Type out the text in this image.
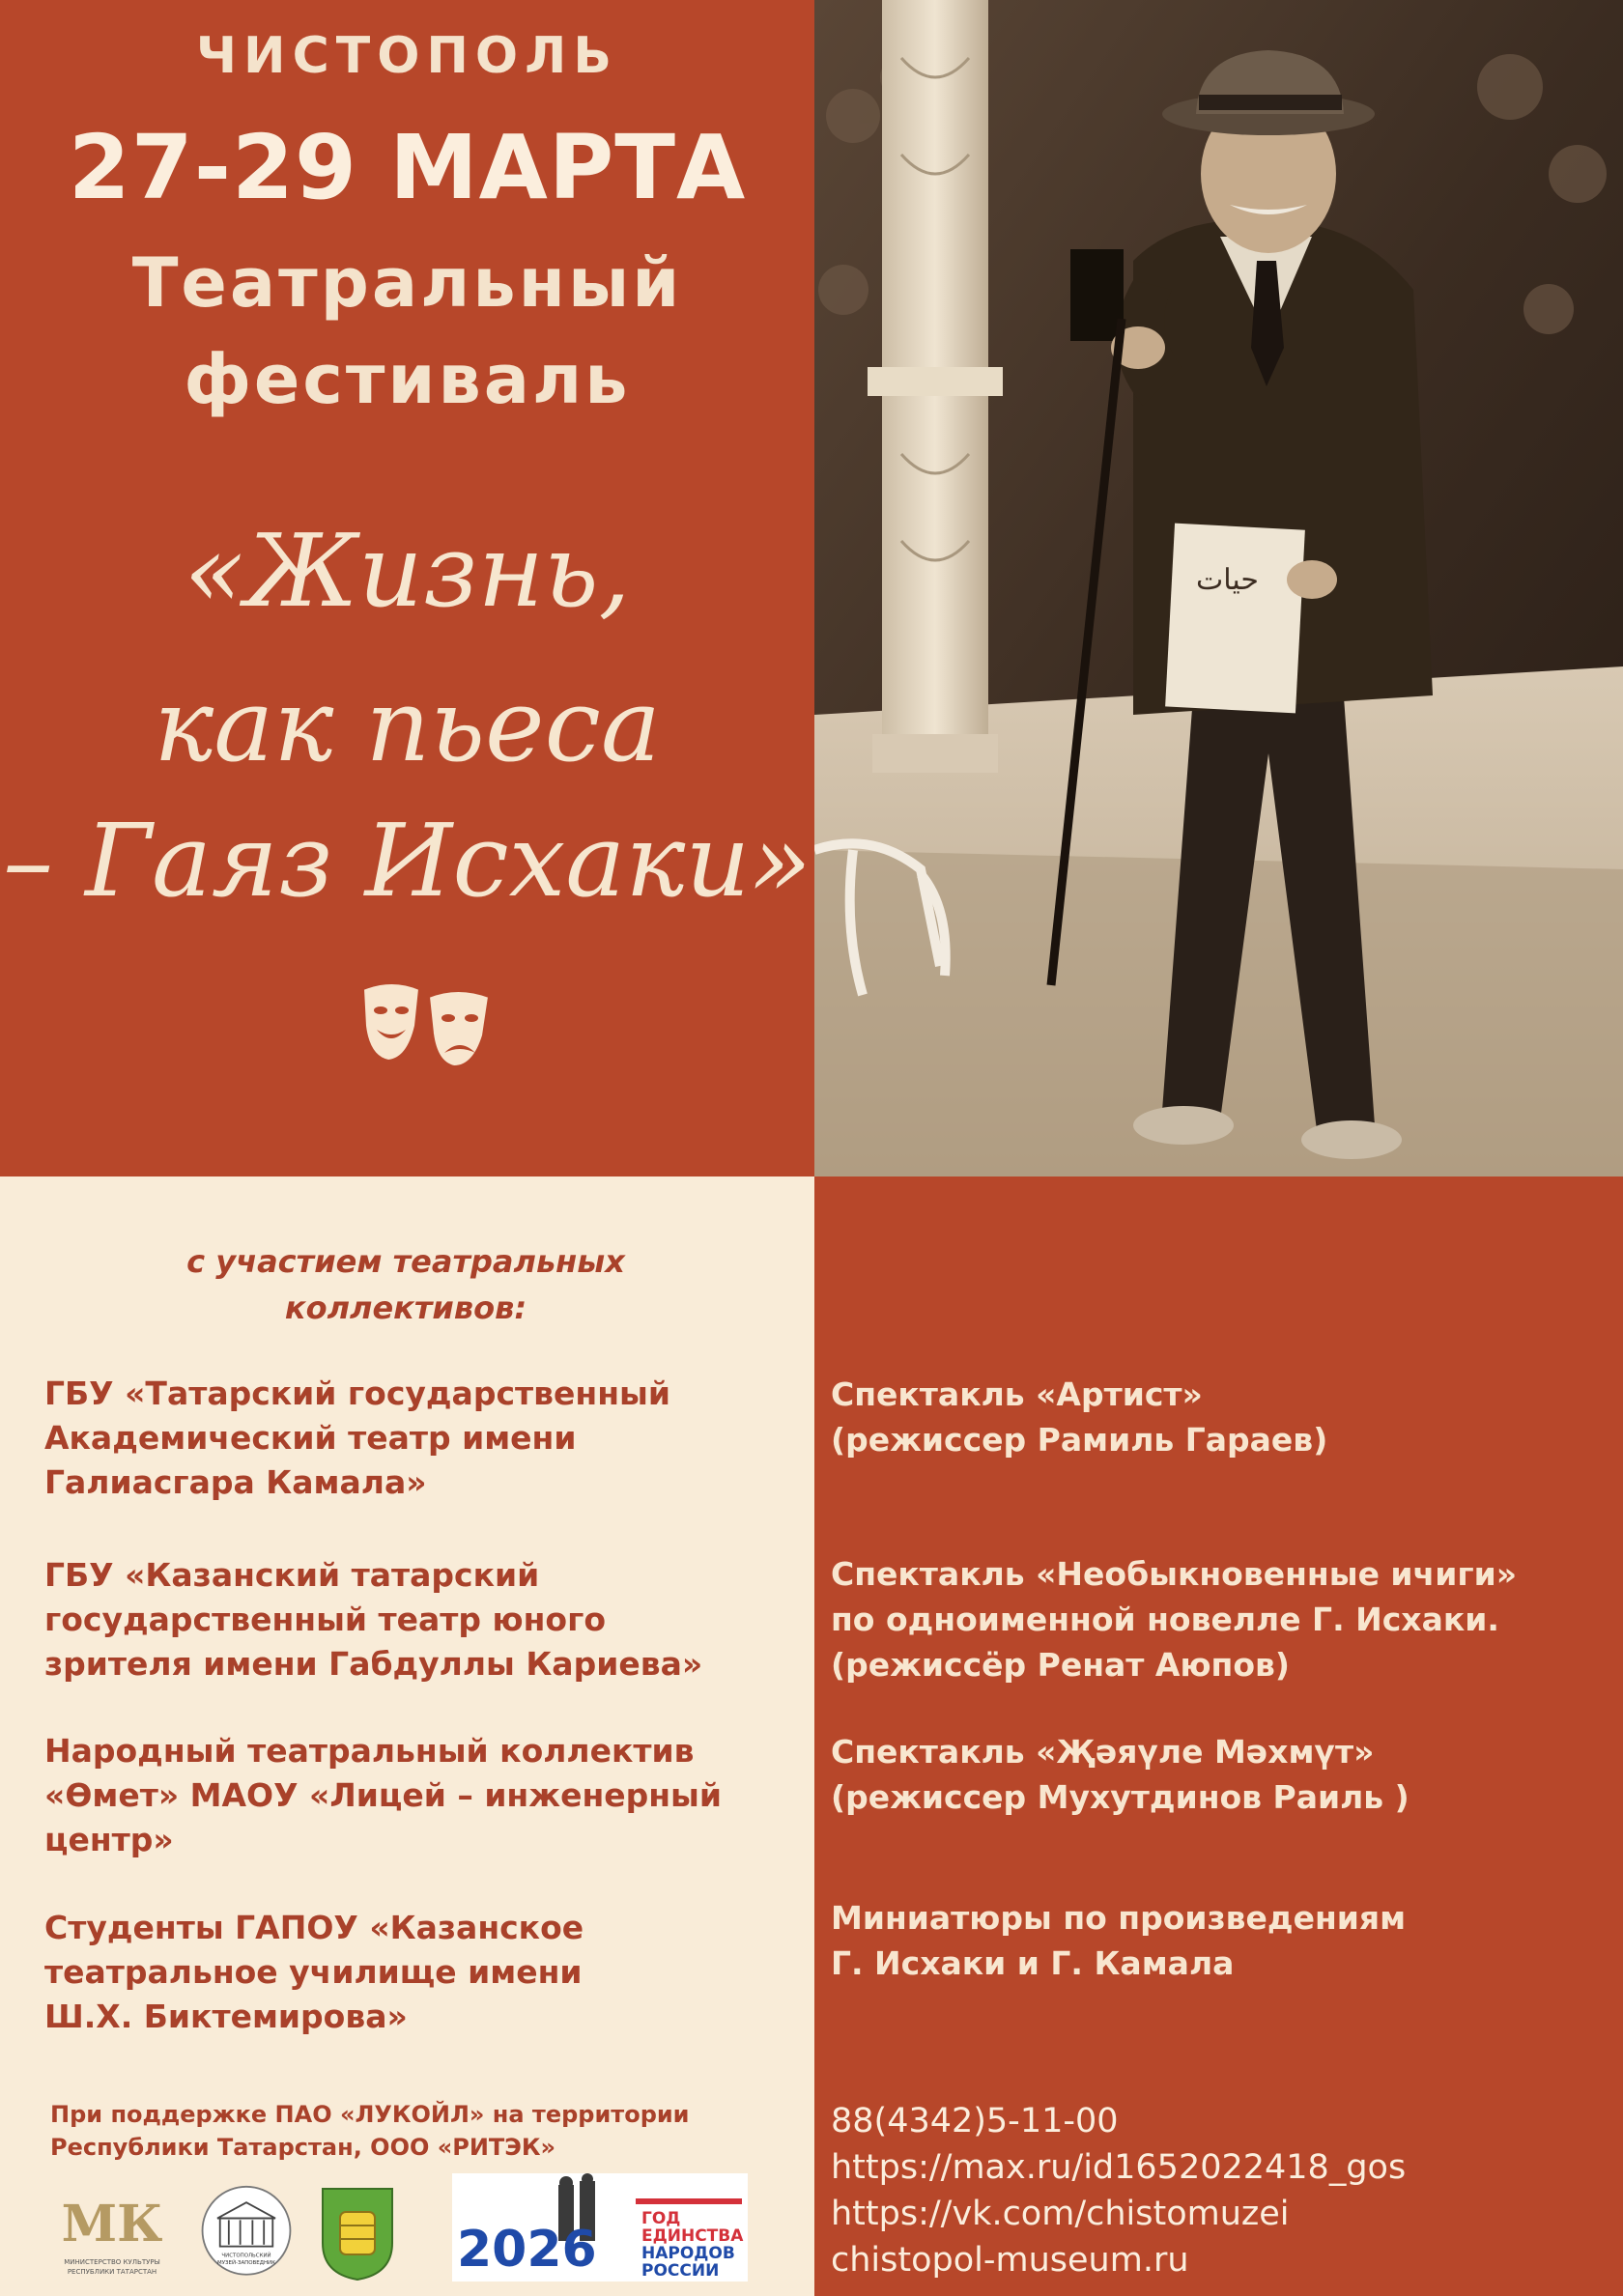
ЧИСТОПОЛЬ
27-29 МАРТА
Театральный
фестиваль
«Жизнь,
как пьеса
– Гаяз Исхаки»
حيات
с участием театральных
коллективов:
ГБУ «Татарский государственный
Академический театр имени
Галиасгара Камала»
ГБУ «Казанский татарский
государственный театр юного
зрителя имени Габдуллы Кариева»
Народный театральный коллектив
«Өмет» МАОУ «Лицей – инженерный
центр»
Студенты ГАПОУ «Казанское
театральное училище имени
Ш.Х. Биктемирова»
При поддержке ПАО «ЛУКОЙЛ» на территории
Республики Татарстан, ООО «РИТЭК»
МК
МИНИСТЕРСТВО КУЛЬТУРЫ
РЕСПУБЛИКИ ТАТАРСТАН
ЧИСТОПОЛЬСКИЙ
МУЗЕЙ-ЗАПОВЕДНИК	2026
ГОД
ЕДИНСТВА
НАРОДОВ
РОССИИ
Спектакль «Артист»
(режиссер Рамиль Гараев)
Спектакль «Необыкновенные ичиги»
по одноименной новелле Г. Исхаки.
(режиссёр Ренат Аюпов)
Спектакль «Җәяүле Мәхмүт»
(режиссер Мухутдинов Раиль )
Миниатюры по произведениям
Г. Исхаки и Г. Камала
88(4342)5-11-00
https://max.ru/id1652022418_gos
https://vk.com/chistomuzei
chistopol-museum.ru
